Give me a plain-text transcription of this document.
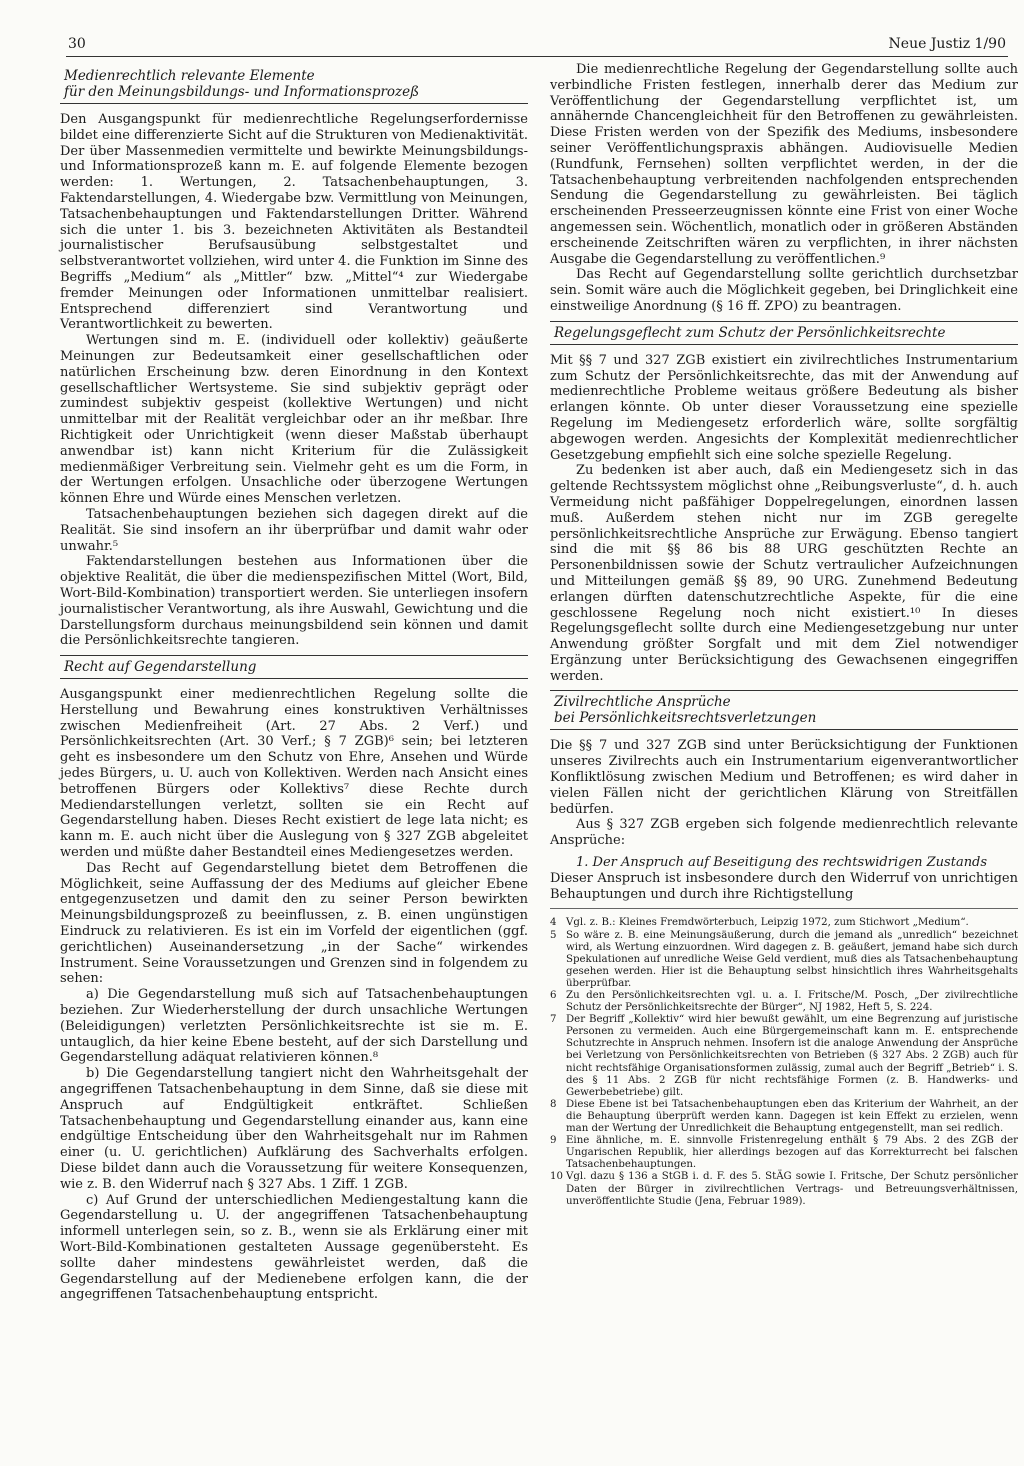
30	Neue Justiz 1/90
Medienrechtlich relevante Elemente
für den Meinungsbildungs- und Informationsprozeß

Den Ausgangspunkt für medienrechtliche Regelungserfordernisse bildet eine differenzierte Sicht auf die Strukturen von Medienaktivität. Der über Massenmedien vermittelte und bewirkte Meinungsbildungs- und Informationsprozeß kann m. E. auf folgende Elemente bezogen werden: 1. Wertungen, 2. Tatsachenbehauptungen, 3. Faktendarstellungen, 4. Wiedergabe bzw. Vermittlung von Meinungen, Tatsachenbehauptungen und Faktendarstellungen Dritter. Während sich die unter 1. bis 3. bezeichneten Aktivitäten als Bestandteil journalistischer Berufsausübung selbstgestaltet und selbstverantwortet vollziehen, wird unter 4. die Funktion im Sinne des Begriffs „Medium“ als „Mittler“ bzw. „Mittel“⁴ zur Wiedergabe fremder Meinungen oder Informationen unmittelbar realisiert. Entsprechend differenziert sind Verantwortung und Verantwortlichkeit zu bewerten.

Wertungen sind m. E. (individuell oder kollektiv) geäußerte Meinungen zur Bedeutsamkeit einer gesellschaftlichen oder natürlichen Erscheinung bzw. deren Einordnung in den Kontext gesellschaftlicher Wertsysteme. Sie sind subjektiv geprägt oder zumindest subjektiv gespeist (kollektive Wertungen) und nicht unmittelbar mit der Realität vergleichbar oder an ihr meßbar. Ihre Richtigkeit oder Unrichtigkeit (wenn dieser Maßstab überhaupt anwendbar ist) kann nicht Kriterium für die Zulässigkeit medienmäßiger Verbreitung sein. Vielmehr geht es um die Form, in der Wertungen erfolgen. Unsachliche oder überzogene Wertungen können Ehre und Würde eines Menschen verletzen.

Tatsachenbehauptungen beziehen sich dagegen direkt auf die Realität. Sie sind insofern an ihr überprüfbar und damit wahr oder unwahr.⁵

Faktendarstellungen bestehen aus Informationen über die objektive Realität, die über die medienspezifischen Mittel (Wort, Bild, Wort-Bild-Kombination) transportiert werden. Sie unterliegen insofern journalistischer Verantwortung, als ihre Auswahl, Gewichtung und die Darstellungsform durchaus meinungsbildend sein können und damit die Persönlichkeitsrechte tangieren.

Recht auf Gegendarstellung

Ausgangspunkt einer medienrechtlichen Regelung sollte die Herstellung und Bewahrung eines konstruktiven Verhältnisses zwischen Medienfreiheit (Art. 27 Abs. 2 Verf.) und Persönlichkeitsrechten (Art. 30 Verf.; § 7 ZGB)⁶ sein; bei letzteren geht es insbesondere um den Schutz von Ehre, Ansehen und Würde jedes Bürgers, u. U. auch von Kollektiven. Werden nach Ansicht eines betroffenen Bürgers oder Kollektivs⁷ diese Rechte durch Mediendarstellungen verletzt, sollten sie ein Recht auf Gegendarstellung haben. Dieses Recht existiert de lege lata nicht; es kann m. E. auch nicht über die Auslegung von § 327 ZGB abgeleitet werden und müßte daher Bestandteil eines Mediengesetzes werden.

Das Recht auf Gegendarstellung bietet dem Betroffenen die Möglichkeit, seine Auffassung der des Mediums auf gleicher Ebene entgegenzusetzen und damit den zu seiner Person bewirkten Meinungsbildungsprozeß zu beeinflussen, z. B. einen ungünstigen Eindruck zu relativieren. Es ist ein im Vorfeld der eigentlichen (ggf. gerichtlichen) Auseinandersetzung „in der Sache“ wirkendes Instrument. Seine Voraussetzungen und Grenzen sind in folgendem zu sehen:

a) Die Gegendarstellung muß sich auf Tatsachenbehauptungen beziehen. Zur Wiederherstellung der durch unsachliche Wertungen (Beleidigungen) verletzten Persönlichkeitsrechte ist sie m. E. untauglich, da hier keine Ebene besteht, auf der sich Darstellung und Gegendarstellung adäquat relativieren können.⁸

b) Die Gegendarstellung tangiert nicht den Wahrheitsgehalt der angegriffenen Tatsachenbehauptung in dem Sinne, daß sie diese mit Anspruch auf Endgültigkeit entkräftet. Schließen Tatsachenbehauptung und Gegendarstellung einander aus, kann eine endgültige Entscheidung über den Wahrheitsgehalt nur im Rahmen einer (u. U. gerichtlichen) Aufklärung des Sachverhalts erfolgen. Diese bildet dann auch die Voraussetzung für weitere Konsequenzen, wie z. B. den Widerruf nach § 327 Abs. 1 Ziff. 1 ZGB.

c) Auf Grund der unterschiedlichen Mediengestaltung kann die Gegendarstellung u. U. der angegriffenen Tatsachenbehauptung informell unterlegen sein, so z. B., wenn sie als Erklärung einer mit Wort-Bild-Kombinationen gestalteten Aussage gegenübersteht. Es sollte daher mindestens gewährleistet werden, daß die Gegendarstellung auf der Medienebene erfolgen kann, die der angegriffenen Tatsachenbehauptung entspricht.

Die medienrechtliche Regelung der Gegendarstellung sollte auch verbindliche Fristen festlegen, innerhalb derer das Medium zur Veröffentlichung der Gegendarstellung verpflichtet ist, um annähernde Chancengleichheit für den Betroffenen zu gewährleisten. Diese Fristen werden von der Spezifik des Mediums, insbesondere seiner Veröffentlichungspraxis abhängen. Audiovisuelle Medien (Rundfunk, Fernsehen) sollten verpflichtet werden, in der die Tatsachenbehauptung verbreitenden nachfolgenden entsprechenden Sendung die Gegendarstellung zu gewährleisten. Bei täglich erscheinenden Presseerzeugnissen könnte eine Frist von einer Woche angemessen sein. Wöchentlich, monatlich oder in größeren Abständen erscheinende Zeitschriften wären zu verpflichten, in ihrer nächsten Ausgabe die Gegendarstellung zu veröffentlichen.⁹

Das Recht auf Gegendarstellung sollte gerichtlich durchsetzbar sein. Somit wäre auch die Möglichkeit gegeben, bei Dringlichkeit eine einstweilige Anordnung (§ 16 ff. ZPO) zu beantragen.

Regelungsgeflecht zum Schutz der Persönlichkeitsrechte

Mit §§ 7 und 327 ZGB existiert ein zivilrechtliches Instrumentarium zum Schutz der Persönlichkeitsrechte, das mit der Anwendung auf medienrechtliche Probleme weitaus größere Bedeutung als bisher erlangen könnte. Ob unter dieser Voraussetzung eine spezielle Regelung im Mediengesetz erforderlich wäre, sollte sorgfältig abgewogen werden. Angesichts der Komplexität medienrechtlicher Gesetzgebung empfiehlt sich eine solche spezielle Regelung.

Zu bedenken ist aber auch, daß ein Mediengesetz sich in das geltende Rechtssystem möglichst ohne „Reibungsverluste“, d. h. auch Vermeidung nicht paßfähiger Doppelregelungen, einordnen lassen muß. Außerdem stehen nicht nur im ZGB geregelte persönlichkeitsrechtliche Ansprüche zur Erwägung. Ebenso tangiert sind die mit §§ 86 bis 88 URG geschützten Rechte an Personenbildnissen sowie der Schutz vertraulicher Aufzeichnungen und Mitteilungen gemäß §§ 89, 90 URG. Zunehmend Bedeutung erlangen dürften datenschutzrechtliche Aspekte, für die eine geschlossene Regelung noch nicht existiert.¹⁰ In dieses Regelungsgeflecht sollte durch eine Mediengesetzgebung nur unter Anwendung größter Sorgfalt und mit dem Ziel notwendiger Ergänzung unter Berücksichtigung des Gewachsenen eingegriffen werden.

Zivilrechtliche Ansprüche
bei Persönlichkeitsrechtsverletzungen

Die §§ 7 und 327 ZGB sind unter Berücksichtigung der Funktionen unseres Zivilrechts auch ein Instrumentarium eigenverantwortlicher Konfliktlösung zwischen Medium und Betroffenen; es wird daher in vielen Fällen nicht der gerichtlichen Klärung von Streitfällen bedürfen.

Aus § 327 ZGB ergeben sich folgende medienrechtlich relevante Ansprüche:

1. Der Anspruch auf Beseitigung des rechtswidrigen Zustands

Dieser Anspruch ist insbesondere durch den Widerruf von unrichtigen Behauptungen und durch ihre Richtigstellung

4 Vgl. z. B.: Kleines Fremdwörterbuch, Leipzig 1972, zum Stichwort „Medium“.
5 So wäre z. B. eine Meinungsäußerung, durch die jemand als „unredlich“ bezeichnet wird, als Wertung einzuordnen. Wird dagegen z. B. geäußert, jemand habe sich durch Spekulationen auf unredliche Weise Geld verdient, muß dies als Tatsachenbehauptung gesehen werden. Hier ist die Behauptung selbst hinsichtlich ihres Wahrheitsgehalts überprüfbar.
6 Zu den Persönlichkeitsrechten vgl. u. a. I. Fritsche/M. Posch, „Der zivilrechtliche Schutz der Persönlichkeitsrechte der Bürger“, NJ 1982, Heft 5, S. 224.
7 Der Begriff „Kollektiv“ wird hier bewußt gewählt, um eine Begrenzung auf juristische Personen zu vermeiden. Auch eine Bürgergemeinschaft kann m. E. entsprechende Schutzrechte in Anspruch nehmen. Insofern ist die analoge Anwendung der Ansprüche bei Verletzung von Persönlichkeitsrechten von Betrieben (§ 327 Abs. 2 ZGB) auch für nicht rechtsfähige Organisationsformen zulässig, zumal auch der Begriff „Betrieb“ i. S. des § 11 Abs. 2 ZGB für nicht rechtsfähige Formen (z. B. Handwerks- und Gewerbebetriebe) gilt.
8 Diese Ebene ist bei Tatsachenbehauptungen eben das Kriterium der Wahrheit, an der die Behauptung überprüft werden kann. Dagegen ist kein Effekt zu erzielen, wenn man der Wertung der Unredlichkeit die Behauptung entgegenstellt, man sei redlich.
9 Eine ähnliche, m. E. sinnvolle Fristenregelung enthält § 79 Abs. 2 des ZGB der Ungarischen Republik, hier allerdings bezogen auf das Korrekturrecht bei falschen Tatsachenbehauptungen.
10 Vgl. dazu § 136 a StGB i. d. F. des 5. StÄG sowie I. Fritsche, Der Schutz persönlicher Daten der Bürger in zivilrechtlichen Vertrags- und Betreuungsverhältnissen, unveröffentlichte Studie (Jena, Februar 1989).
